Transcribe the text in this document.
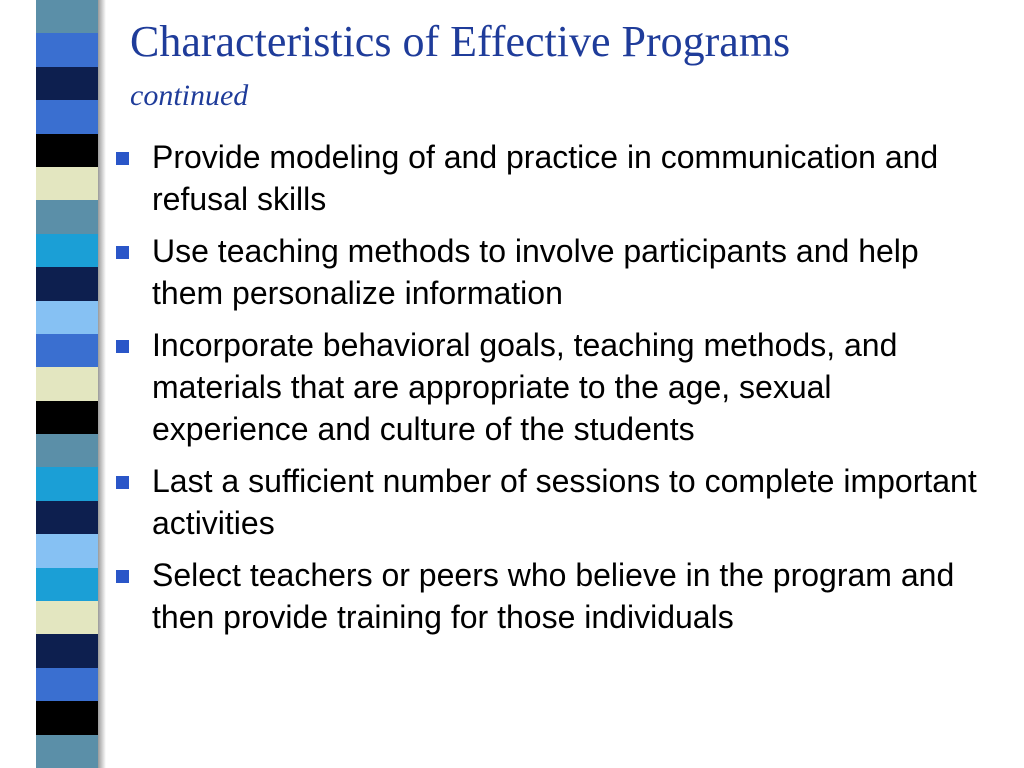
Characteristics of Effective Programs
continued
Provide modeling of and practice in communication and refusal skills
Use teaching methods to involve participants and help them personalize information
Incorporate behavioral goals, teaching methods, and materials that are appropriate to the age, sexual experience and culture of the students
Last a sufficient number of sessions to complete important activities
Select teachers or peers who believe in the program and then provide training for those individuals
